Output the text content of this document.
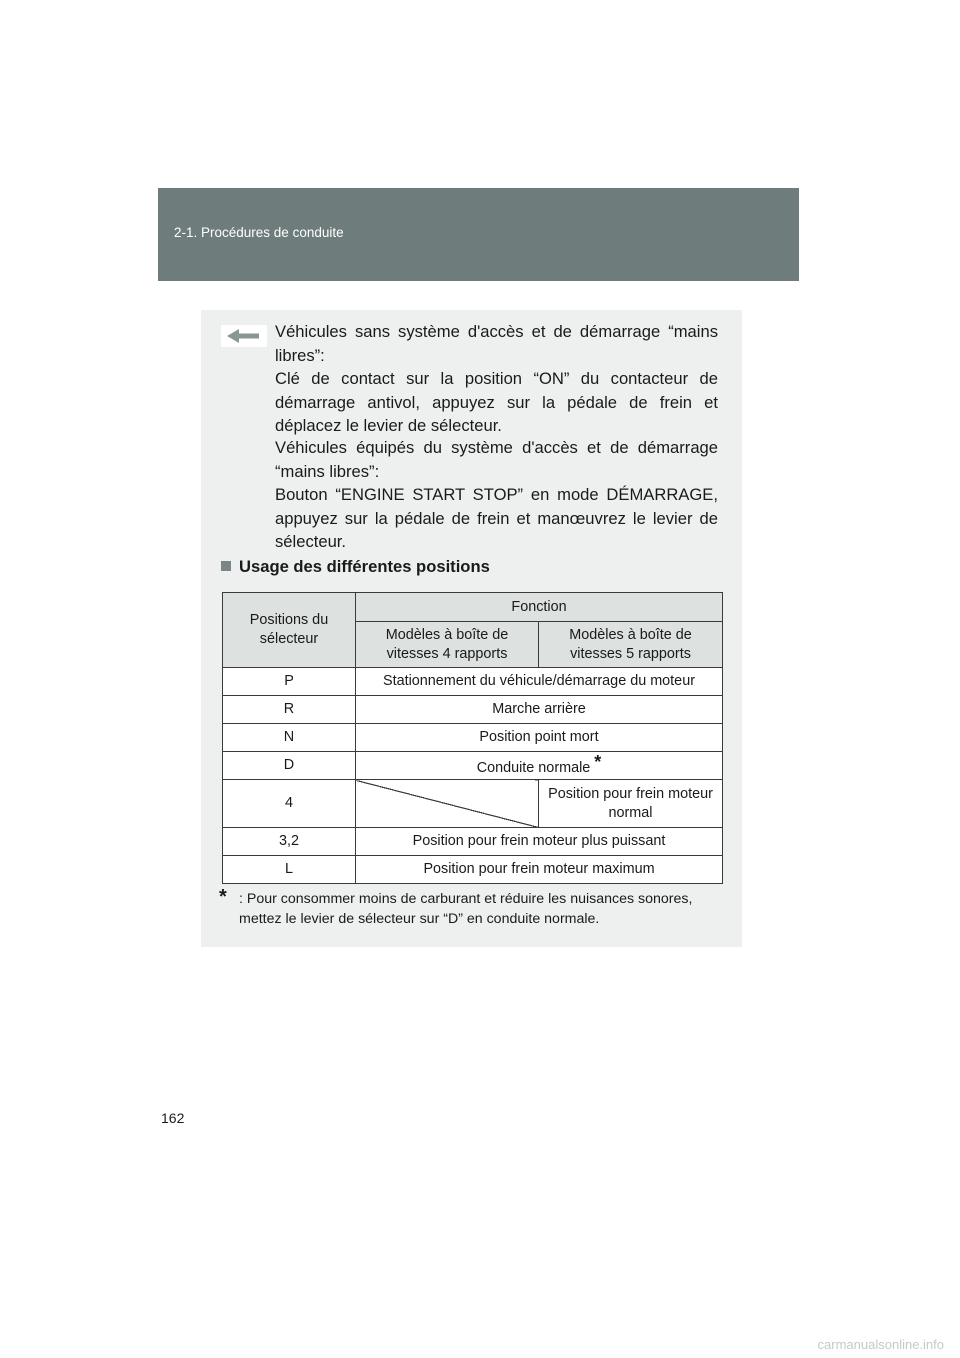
2-1. Procédures de conduite

Véhicules sans système d'accès et de démarrage “mains libres”:

Clé de contact sur la position “ON” du contacteur de démarrage antivol, appuyez sur la pédale de frein et déplacez le levier de sélecteur.

Véhicules équipés du système d'accès et de démarrage “mains libres”:

Bouton “ENGINE START STOP” en mode DÉMARRAGE, appuyez sur la pédale de frein et manœuvrez le levier de sélecteur.

Usage des différentes positions
Positions du sélecteur	Fonction	
	Modèles à boîte de vitesses 4 rapports	Modèles à boîte de vitesses 5 rapports
P	Stationnement du véhicule/démarrage du moteur	
R	Marche arrière	
N	Position point mort	
D	Conduite normale *	
4		Position pour frein moteur normal
3,2	Position pour frein moteur plus puissant	
L	Position pour frein moteur maximum	
* : Pour consommer moins de carburant et réduire les nuisances sonores, mettez le levier de sélecteur sur “D” en conduite normale.
162
carmanualsonline.info
